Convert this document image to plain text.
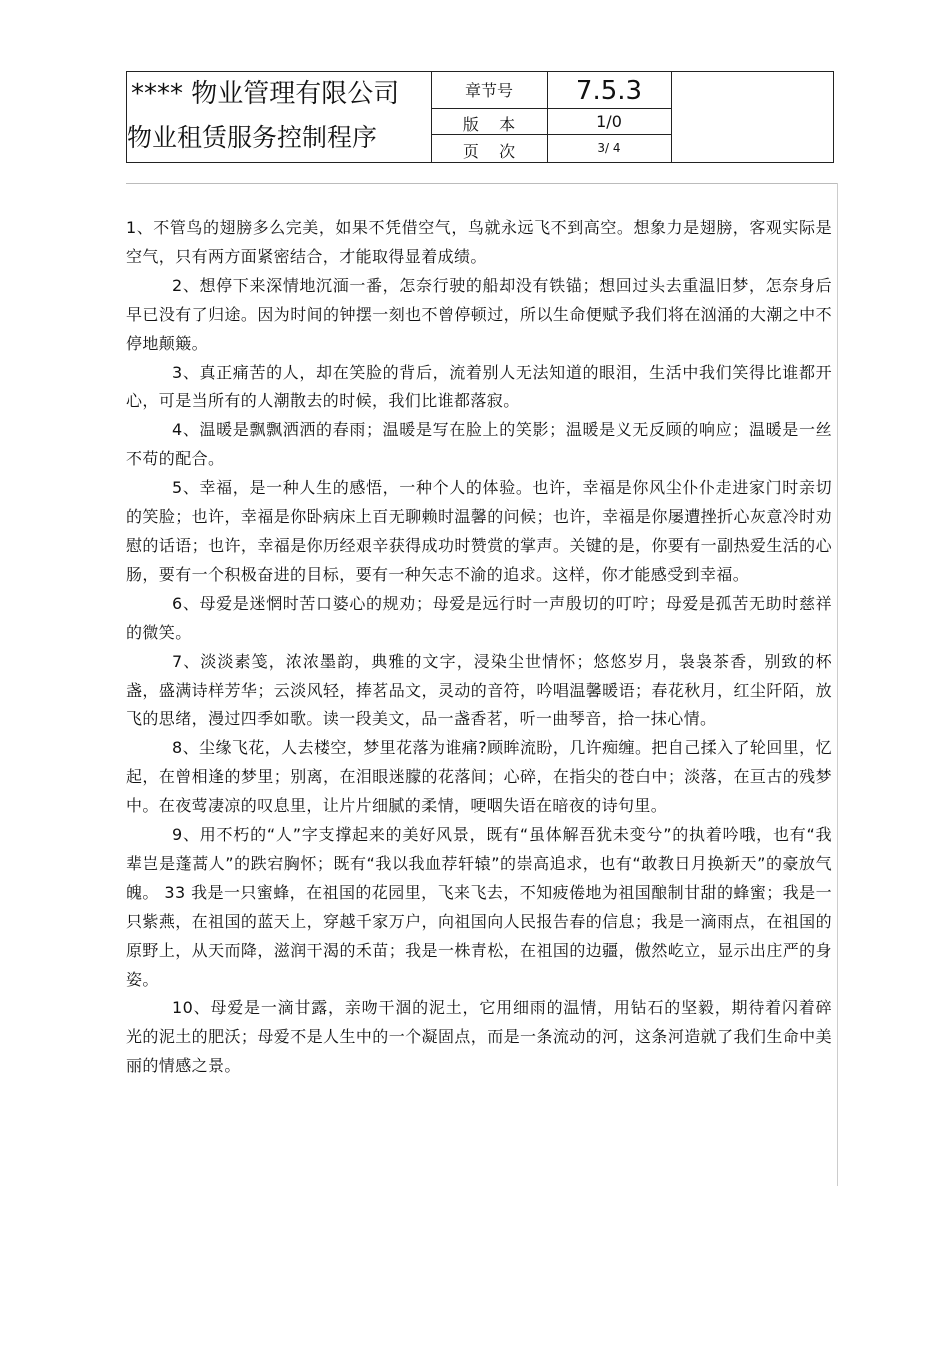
**** 物业管理有限公司
物业租赁服务控制程序
章节号	7.5.3
版    本	1/0
页    次	3/ 4

1、不管鸟的翅膀多么完美，如果不凭借空气，鸟就永远飞不到高空。想象力是翅膀，客观实际是空气，只有两方面紧密结合，才能取得显着成绩。

2、想停下来深情地沉湎一番，怎奈行驶的船却没有铁锚；想回过头去重温旧梦，怎奈身后早已没有了归途。因为时间的钟摆一刻也不曾停顿过，所以生命便赋予我们将在汹涌的大潮之中不停地颠簸。

3、真正痛苦的人，却在笑脸的背后，流着别人无法知道的眼泪，生活中我们笑得比谁都开心，可是当所有的人潮散去的时候，我们比谁都落寂。

4、温暖是飘飘洒洒的春雨；温暖是写在脸上的笑影；温暖是义无反顾的响应；温暖是一丝不苟的配合。

5、幸福，是一种人生的感悟，一种个人的体验。也许，幸福是你风尘仆仆走进家门时亲切的笑脸；也许，幸福是你卧病床上百无聊赖时温馨的问候；也许，幸福是你屡遭挫折心灰意冷时劝慰的话语；也许，幸福是你历经艰辛获得成功时赞赏的掌声。关键的是，你要有一副热爱生活的心肠，要有一个积极奋进的目标，要有一种矢志不渝的追求。这样，你才能感受到幸福。

6、母爱是迷惘时苦口婆心的规劝；母爱是远行时一声殷切的叮咛；母爱是孤苦无助时慈祥的微笑。

7、淡淡素笺，浓浓墨韵，典雅的文字，浸染尘世情怀；悠悠岁月，袅袅茶香，别致的杯盏，盛满诗样芳华；云淡风轻，捧茗品文，灵动的音符，吟唱温馨暖语；春花秋月，红尘阡陌，放飞的思绪，漫过四季如歌。读一段美文，品一盏香茗，听一曲琴音，拾一抹心情。

8、尘缘飞花，人去楼空，梦里花落为谁痛?顾眸流盼，几许痴缠。把自己揉入了轮回里，忆起，在曾相逢的梦里；别离，在泪眼迷朦的花落间；心碎，在指尖的苍白中；淡落，在亘古的残梦中。在夜莺凄凉的叹息里，让片片细腻的柔情，哽咽失语在暗夜的诗句里。

9、用不朽的“人”字支撑起来的美好风景，既有“虽体解吾犹未变兮”的执着吟哦，也有“我辈岂是蓬蒿人”的跌宕胸怀；既有“我以我血荐轩辕”的崇高追求，也有“敢教日月换新天”的豪放气魄。 33 我是一只蜜蜂，在祖国的花园里，飞来飞去，不知疲倦地为祖国酿制甘甜的蜂蜜；我是一只紫燕，在祖国的蓝天上，穿越千家万户，向祖国向人民报告春的信息；我是一滴雨点，在祖国的原野上，从天而降，滋润干渴的禾苗；我是一株青松，在祖国的边疆，傲然屹立，显示出庄严的身姿。

10、母爱是一滴甘露，亲吻干涸的泥土，它用细雨的温情，用钻石的坚毅，期待着闪着碎光的泥土的肥沃；母爱不是人生中的一个凝固点，而是一条流动的河，这条河造就了我们生命中美丽的情感之景。
